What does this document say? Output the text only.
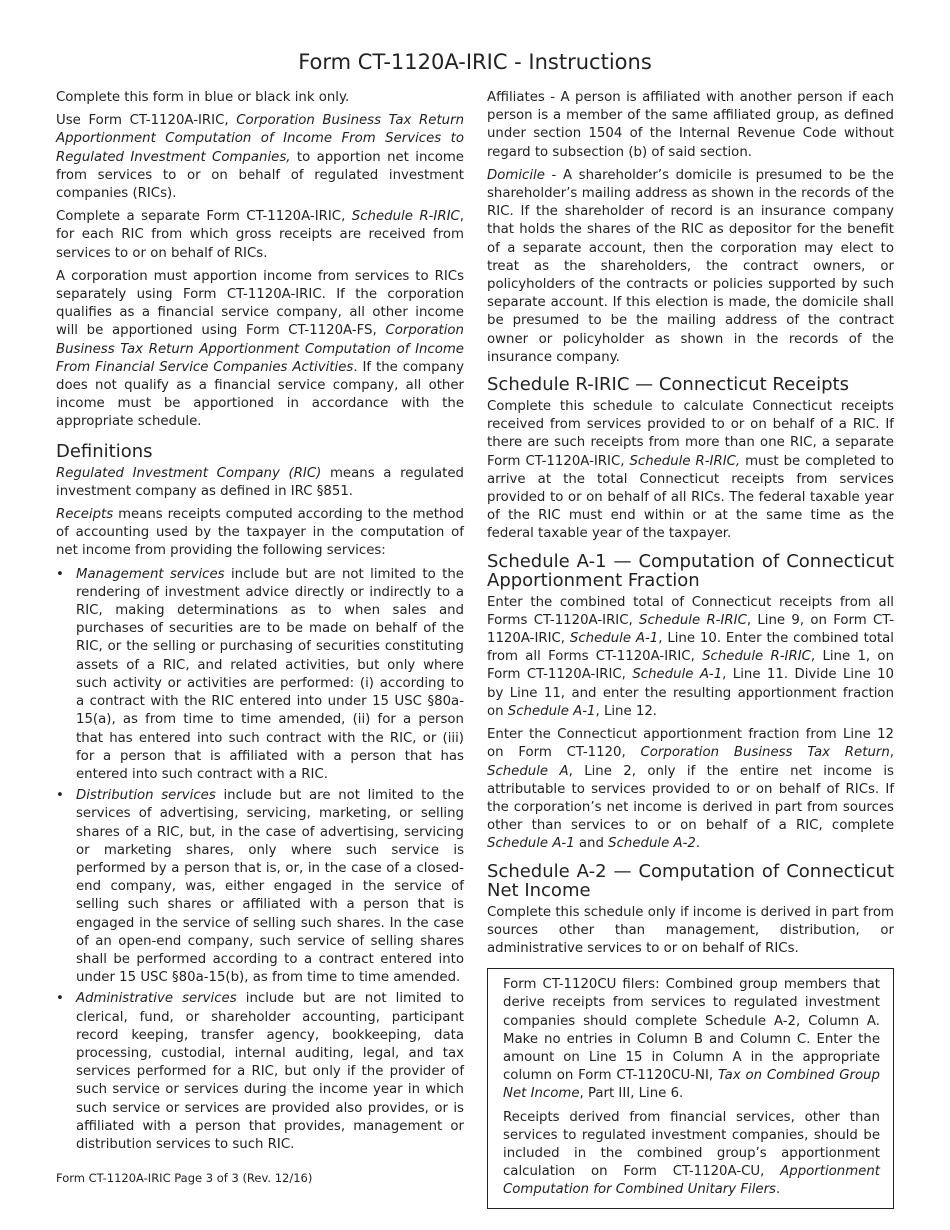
Form CT-1120A-IRIC - Instructions

Complete this form in blue or black ink only.

Use Form CT-1120A-IRIC, Corporation Business Tax Return Apportionment Computation of Income From Services to Regulated Investment Companies, to apportion net income from services to or on behalf of regulated investment companies (RICs).

Complete a separate Form CT-1120A-IRIC, Schedule R-IRIC, for each RIC from which gross receipts are received from services to or on behalf of RICs.

A corporation must apportion income from services to RICs separately using Form CT-1120A-IRIC. If the corporation qualifies as a financial service company, all other income will be apportioned using Form CT-1120A-FS, Corporation Business Tax Return Apportionment Computation of Income From Financial Service Companies Activities. If the company does not qualify as a financial service company, all other income must be apportioned in accordance with the appropriate schedule.

Definitions

Regulated Investment Company (RIC) means a regulated investment company as defined in IRC §851.

Receipts means receipts computed according to the method of accounting used by the taxpayer in the computation of net income from providing the following services:

• Management services include but are not limited to the rendering of investment advice directly or indirectly to a RIC, making determinations as to when sales and purchases of securities are to be made on behalf of the RIC, or the selling or purchasing of securities constituting assets of a RIC, and related activities, but only where such activity or activities are performed: (i) according to a contract with the RIC entered into under 15 USC §80a-15(a), as from time to time amended, (ii) for a person that has entered into such contract with the RIC, or (iii) for a person that is affiliated with a person that has entered into such contract with a RIC.
• Distribution services include but are not limited to the services of advertising, servicing, marketing, or selling shares of a RIC, but, in the case of advertising, servicing or marketing shares, only where such service is performed by a person that is, or, in the case of a closed-end company, was, either engaged in the service of selling such shares or affiliated with a person that is engaged in the service of selling such shares. In the case of an open-end company, such service of selling shares shall be performed according to a contract entered into under 15 USC §80a-15(b), as from time to time amended.
• Administrative services include but are not limited to clerical, fund, or shareholder accounting, participant record keeping, transfer agency, bookkeeping, data processing, custodial, internal auditing, legal, and tax services performed for a RIC, but only if the provider of such service or services during the income year in which such service or services are provided also provides, or is affiliated with a person that provides, management or distribution services to such RIC.

Affiliates - A person is affiliated with another person if each person is a member of the same affiliated group, as defined under section 1504 of the Internal Revenue Code without regard to subsection (b) of said section.

Domicile - A shareholder’s domicile is presumed to be the shareholder’s mailing address as shown in the records of the RIC. If the shareholder of record is an insurance company that holds the shares of the RIC as depositor for the benefit of a separate account, then the corporation may elect to treat as the shareholders, the contract owners, or policyholders of the contracts or policies supported by such separate account. If this election is made, the domicile shall be presumed to be the mailing address of the contract owner or policyholder as shown in the records of the insurance company.

Schedule R-IRIC — Connecticut Receipts

Complete this schedule to calculate Connecticut receipts received from services provided to or on behalf of a RIC. If there are such receipts from more than one RIC, a separate Form CT-1120A-IRIC, Schedule R-IRIC, must be completed to arrive at the total Connecticut receipts from services provided to or on behalf of all RICs. The federal taxable year of the RIC must end within or at the same time as the federal taxable year of the taxpayer.

Schedule A-1 — Computation of Connecticut Apportionment Fraction

Enter the combined total of Connecticut receipts from all Forms CT-1120A-IRIC, Schedule R-IRIC, Line 9, on Form CT-1120A-IRIC, Schedule A-1, Line 10. Enter the combined total from all Forms CT-1120A-IRIC, Schedule R-IRIC, Line 1, on Form CT-1120A-IRIC, Schedule A-1, Line 11. Divide Line 10 by Line 11, and enter the resulting apportionment fraction on Schedule A-1, Line 12.

Enter the Connecticut apportionment fraction from Line 12 on Form CT-1120, Corporation Business Tax Return, Schedule A, Line 2, only if the entire net income is attributable to services provided to or on behalf of RICs. If the corporation’s net income is derived in part from sources other than services to or on behalf of a RIC, complete Schedule A-1 and Schedule A-2.

Schedule A-2 — Computation of Connecticut Net Income

Complete this schedule only if income is derived in part from sources other than management, distribution, or administrative services to or on behalf of RICs.

Form CT-1120CU filers: Combined group members that derive receipts from services to regulated investment companies should complete Schedule A-2, Column A. Make no entries in Column B and Column C. Enter the amount on Line 15 in Column A in the appropriate column on Form CT-1120CU-NI, Tax on Combined Group Net Income, Part III, Line 6.

Receipts derived from financial services, other than services to regulated investment companies, should be included in the combined group’s apportionment calculation on Form CT-1120A-CU, Apportionment Computation for Combined Unitary Filers.

Form CT-1120A-IRIC Page 3 of 3 (Rev. 12/16)
